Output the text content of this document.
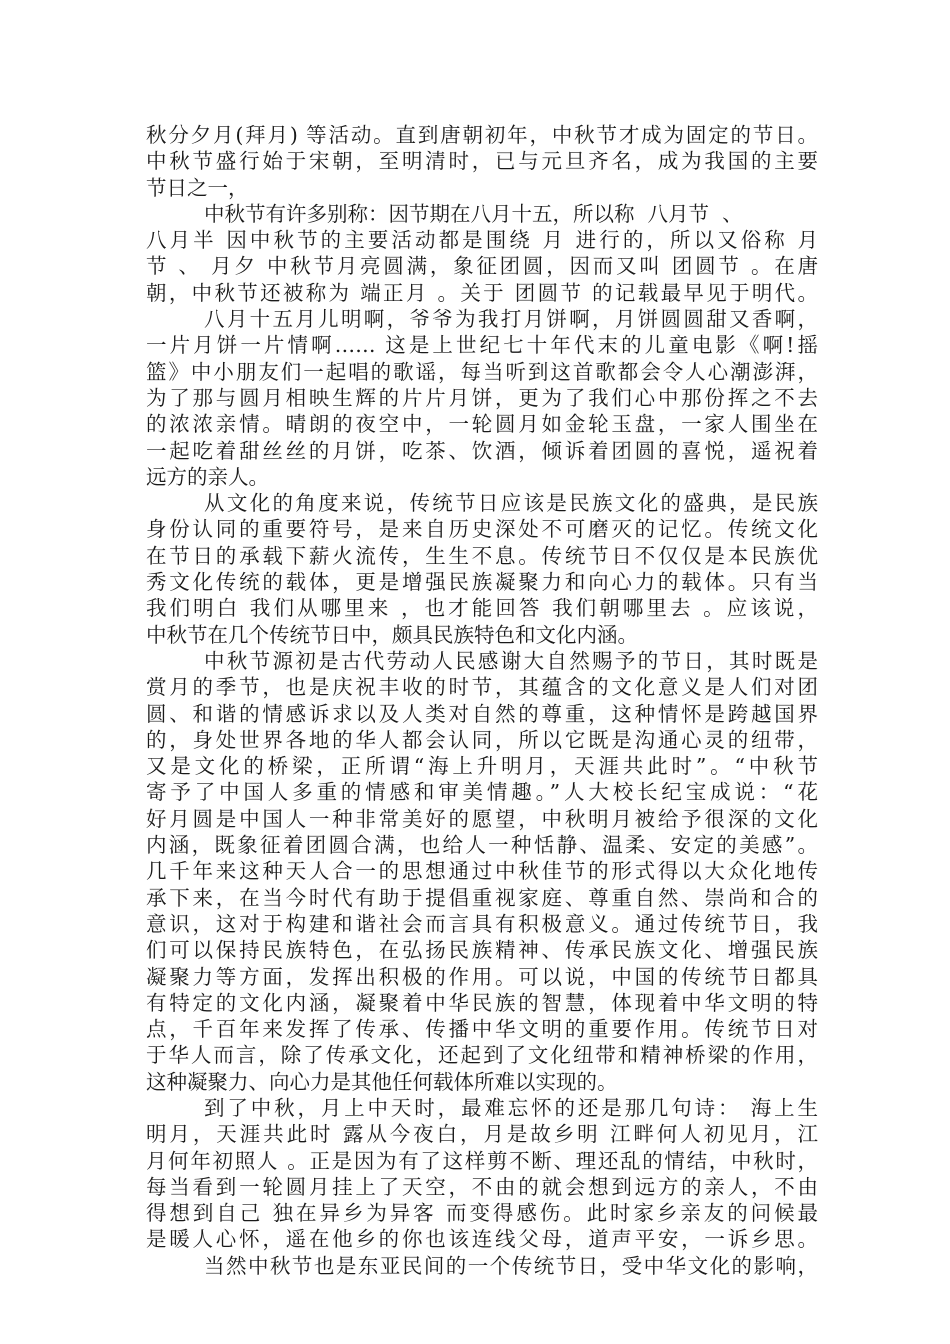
秋分夕月(拜月) 等活动。直到唐朝初年，中秋节才成为固定的节日。
中秋节盛行始于宋朝，至明清时，已与元旦齐名，成为我国的主要
节日之一，
中秋节有许多别称：因节期在八月十五，所以称  八月节  、
八月半 因中秋节的主要活动都是围绕 月 进行的，所以又俗称 月
节 、 月夕 中秋节月亮圆满，象征团圆，因而又叫 团圆节 。在唐
朝，中秋节还被称为 端正月 。关于 团圆节 的记载最早见于明代。
八月十五月儿明啊，爷爷为我打月饼啊，月饼圆圆甜又香啊，
一片月饼一片情啊…… 这是上世纪七十年代末的儿童电影《啊!摇
篮》中小朋友们一起唱的歌谣，每当听到这首歌都会令人心潮澎湃，
为了那与圆月相映生辉的片片月饼，更为了我们心中那份挥之不去
的浓浓亲情。晴朗的夜空中，一轮圆月如金轮玉盘，一家人围坐在
一起吃着甜丝丝的月饼，吃茶、饮酒，倾诉着团圆的喜悦，遥祝着
远方的亲人。
从文化的角度来说，传统节日应该是民族文化的盛典，是民族
身份认同的重要符号，是来自历史深处不可磨灭的记忆。传统文化
在节日的承载下薪火流传，生生不息。传统节日不仅仅是本民族优
秀文化传统的载体，更是增强民族凝聚力和向心力的载体。只有当
我们明白 我们从哪里来 ，也才能回答 我们朝哪里去 。应该说，
中秋节在几个传统节日中，颇具民族特色和文化内涵。
中秋节源初是古代劳动人民感谢大自然赐予的节日，其时既是
赏月的季节，也是庆祝丰收的时节，其蕴含的文化意义是人们对团
圆、和谐的情感诉求以及人类对自然的尊重，这种情怀是跨越国界
的，身处世界各地的华人都会认同，所以它既是沟通心灵的纽带，
又是文化的桥梁，正所谓“海上升明月，天涯共此时”。“中秋节
寄予了中国人多重的情感和审美情趣。”人大校长纪宝成说：“花
好月圆是中国人一种非常美好的愿望，中秋明月被给予很深的文化
内涵，既象征着团圆合满，也给人一种恬静、温柔、安定的美感”。
几千年来这种天人合一的思想通过中秋佳节的形式得以大众化地传
承下来，在当今时代有助于提倡重视家庭、尊重自然、崇尚和合的
意识，这对于构建和谐社会而言具有积极意义。通过传统节日，我
们可以保持民族特色，在弘扬民族精神、传承民族文化、增强民族
凝聚力等方面，发挥出积极的作用。可以说，中国的传统节日都具
有特定的文化内涵，凝聚着中华民族的智慧，体现着中华文明的特
点，千百年来发挥了传承、传播中华文明的重要作用。传统节日对
于华人而言，除了传承文化，还起到了文化纽带和精神桥梁的作用，
这种凝聚力、向心力是其他任何载体所难以实现的。
到了中秋，月上中天时，最难忘怀的还是那几句诗： 海上生
明月，天涯共此时 露从今夜白，月是故乡明 江畔何人初见月，江
月何年初照人 。正是因为有了这样剪不断、理还乱的情结，中秋时，
每当看到一轮圆月挂上了天空，不由的就会想到远方的亲人，不由
得想到自己 独在异乡为异客 而变得感伤。此时家乡亲友的问候最
是暖人心怀，遥在他乡的你也该连线父母，道声平安，一诉乡思。
当然中秋节也是东亚民间的一个传统节日，受中华文化的影响，
